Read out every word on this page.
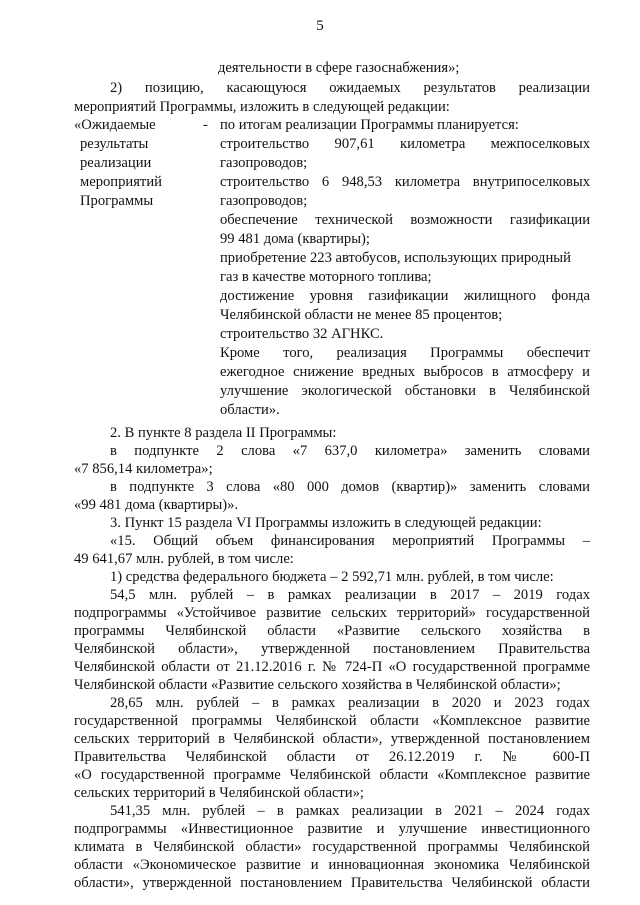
5
деятельности в сфере газоснабжения»;
2) позицию, касающуюся ожидаемых результатов реализации
мероприятий Программы, изложить в следующей редакции:
«Ожидаемые
результаты
реализации
мероприятий
Программы
- по итогам реализации Программы планируется:
строительство 907,61 километра межпоселковых
газопроводов;
строительство 6 948,53 километра внутрипоселковых
газопроводов;
обеспечение технической возможности газификации
99 481 дома (квартиры);
приобретение 223 автобусов, использующих природный
газ в качестве моторного топлива;
достижение уровня газификации жилищного фонда
Челябинской области не менее 85 процентов;
строительство 32 АГНКС.
Кроме того, реализация Программы обеспечит
ежегодное снижение вредных выбросов в атмосферу и
улучшение экологической обстановки в Челябинской
области».
2. В пункте 8 раздела II Программы:
в подпункте 2 слова «7 637,0 километра» заменить словами
«7 856,14 километра»;
в подпункте 3 слова «80 000 домов (квартир)» заменить словами
«99 481 дома (квартиры)».
3. Пункт 15 раздела VI Программы изложить в следующей редакции:
«15. Общий объем финансирования мероприятий Программы –
49 641,67 млн. рублей, в том числе:
1) средства федерального бюджета – 2 592,71 млн. рублей, в том числе:
54,5 млн. рублей – в рамках реализации в 2017 – 2019 годах
подпрограммы «Устойчивое развитие сельских территорий» государственной
программы Челябинской области «Развитие сельского хозяйства в
Челябинской области», утвержденной постановлением Правительства
Челябинской области от 21.12.2016 г. № 724-П «О государственной программе
Челябинской области «Развитие сельского хозяйства в Челябинской области»;
28,65 млн. рублей – в рамках реализации в 2020 и 2023 годах
государственной программы Челябинской области «Комплексное развитие
сельских территорий в Челябинской области», утвержденной постановлением
Правительства Челябинской области от 26.12.2019 г. № 600-П
«О государственной программе Челябинской области «Комплексное развитие
сельских территорий в Челябинской области»;
541,35 млн. рублей – в рамках реализации в 2021 – 2024 годах
подпрограммы «Инвестиционное развитие и улучшение инвестиционного
климата в Челябинской области» государственной программы Челябинской
области «Экономическое развитие и инновационная экономика Челябинской
области», утвержденной постановлением Правительства Челябинской области
